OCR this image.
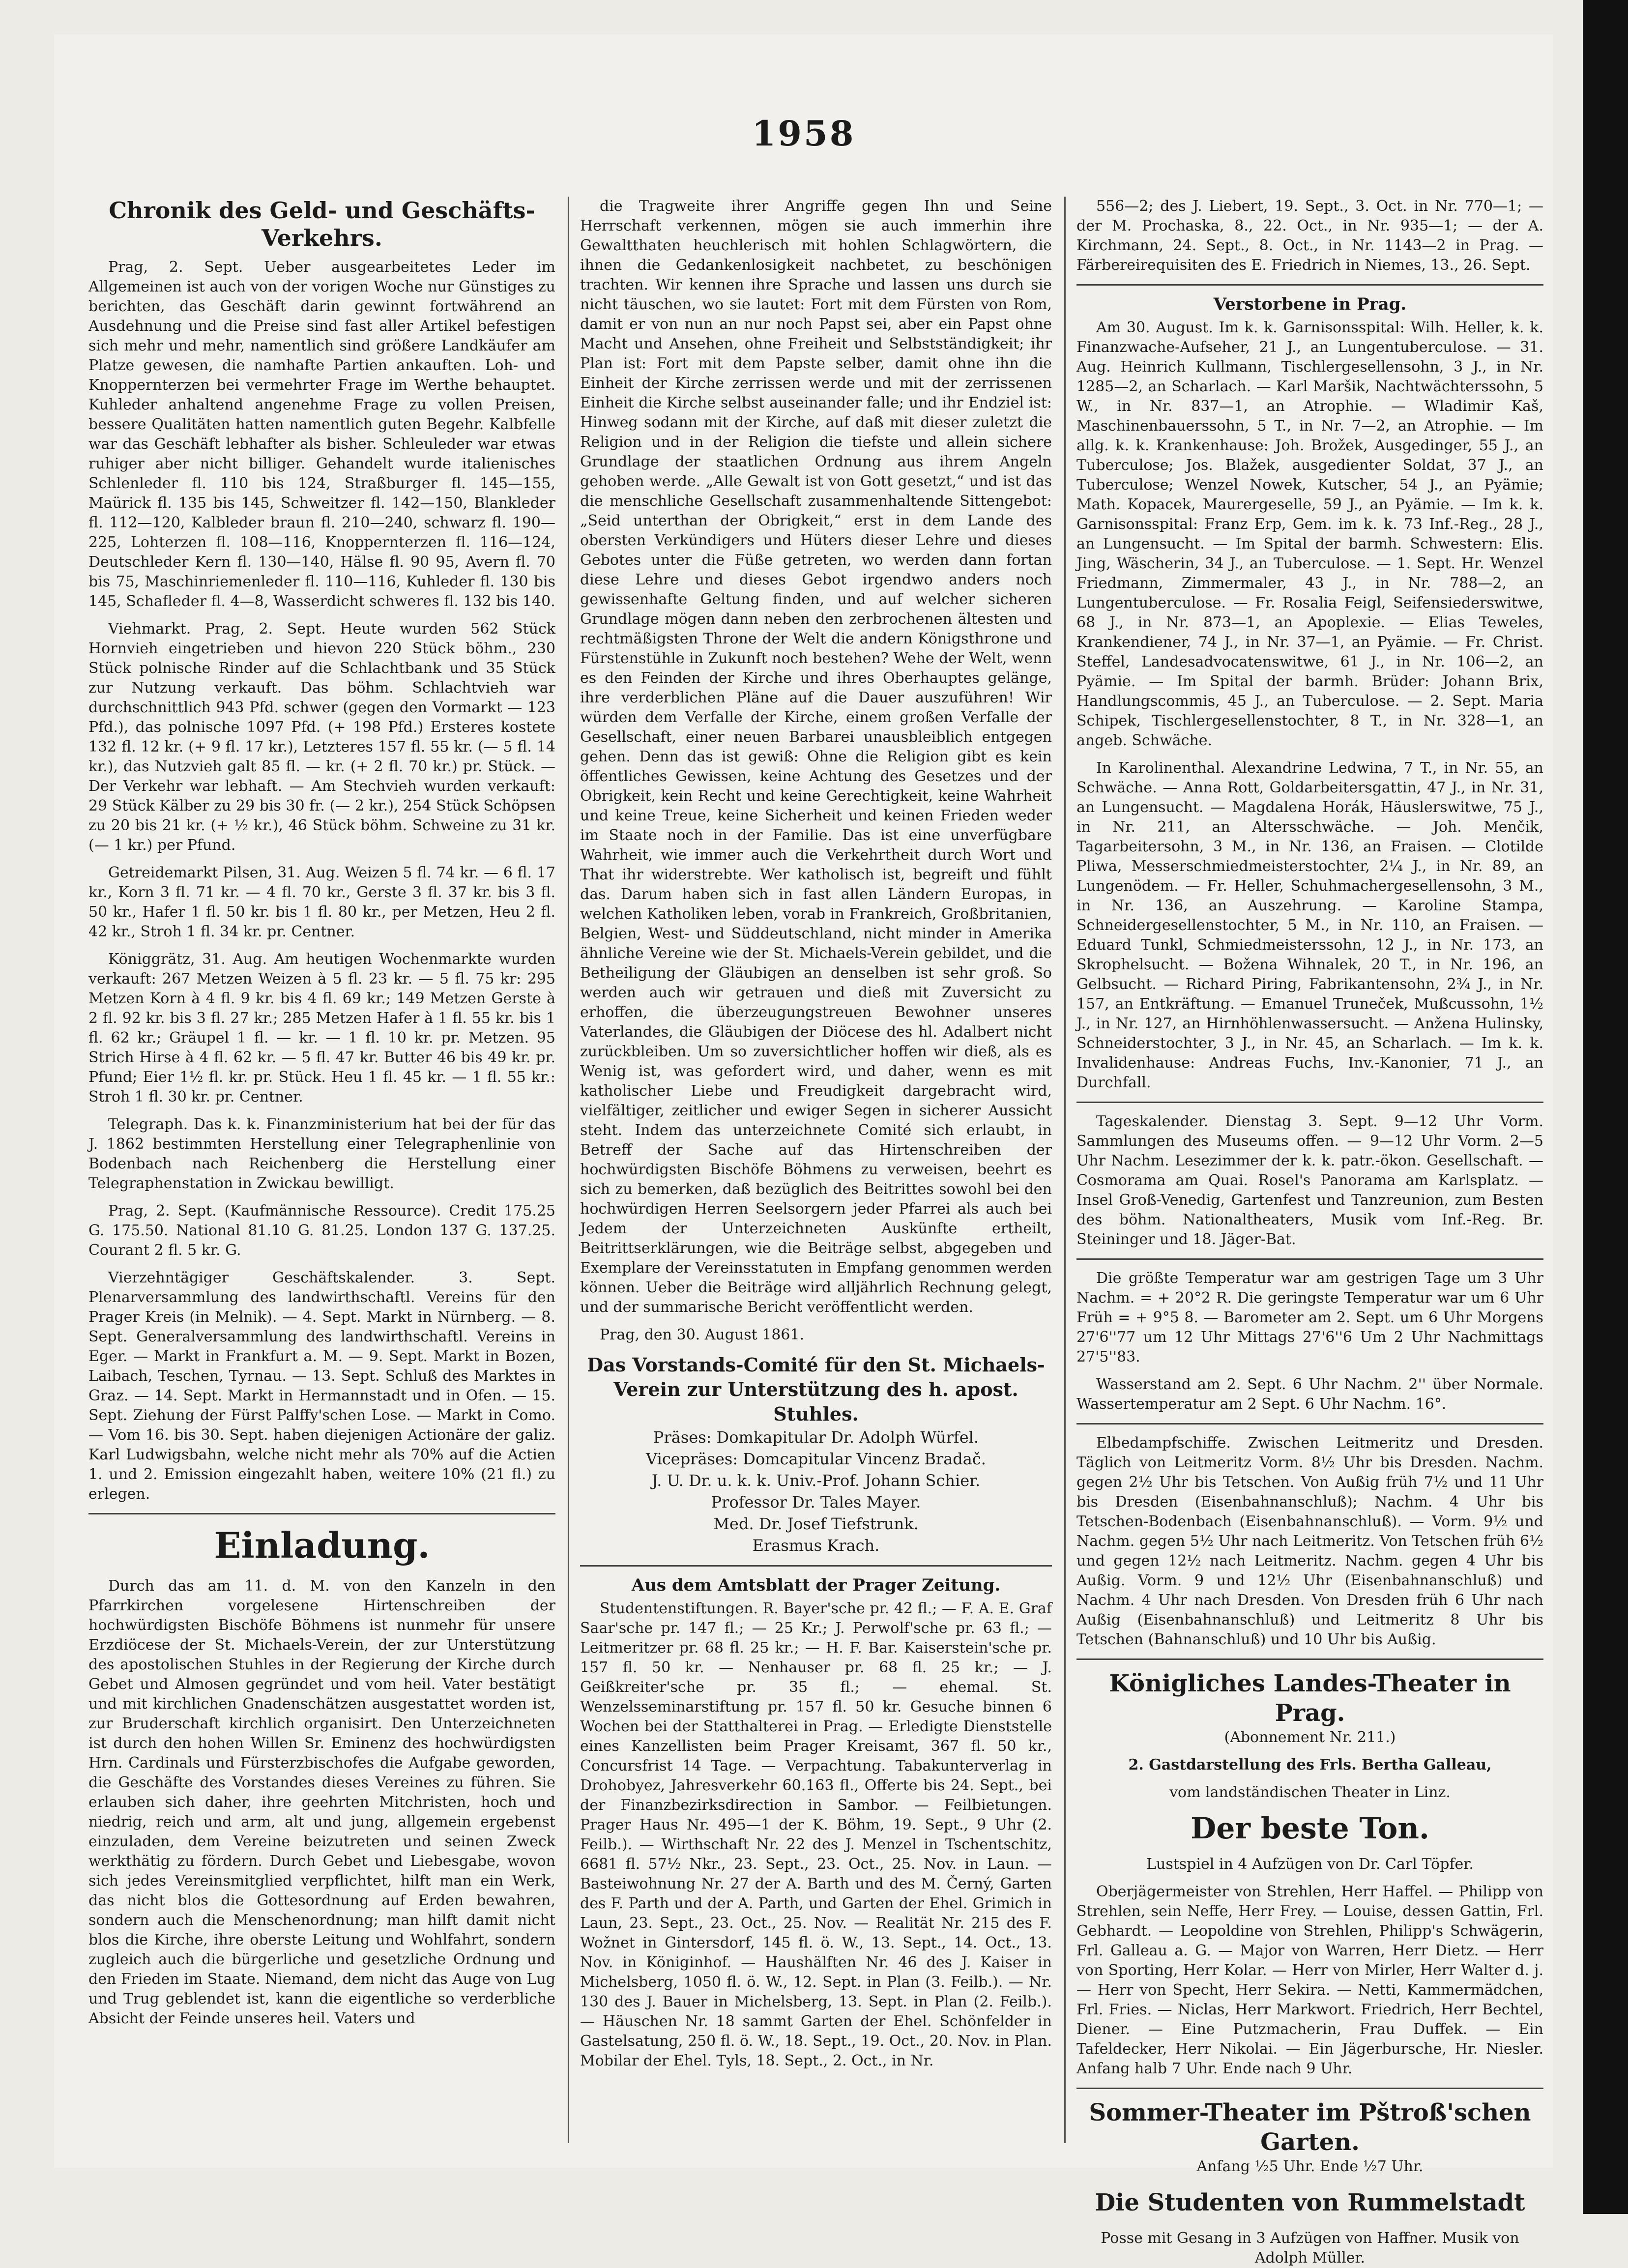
1958
Chronik des Geld- und Geschäfts-Verkehrs.

Prag, 2. Sept. Ueber ausgearbeitetes Leder im Allgemeinen ist auch von der vorigen Woche nur Günstiges zu berichten, das Geschäft darin gewinnt fortwährend an Ausdehnung und die Preise sind fast aller Artikel befestigen sich mehr und mehr, namentlich sind größere Landkäufer am Platze gewesen, die namhafte Partien ankauften. Loh- und Knoppernterzen bei vermehrter Frage im Werthe behauptet. Kuhleder anhaltend angenehme Frage zu vollen Preisen, bessere Qualitäten hatten namentlich guten Begehr. Kalbfelle war das Geschäft lebhafter als bisher. Schleuleder war etwas ruhiger aber nicht billiger. Gehandelt wurde italienisches Schlenleder fl. 110 bis 124, Straßburger fl. 145—155, Maürick fl. 135 bis 145, Schweitzer fl. 142—150, Blankleder fl. 112—120, Kalbleder braun fl. 210—240, schwarz fl. 190—225, Lohterzen fl. 108—116, Knoppernterzen fl. 116—124, Deutschleder Kern fl. 130—140, Hälse fl. 90 95, Avern fl. 70 bis 75, Maschinriemenleder fl. 110—116, Kuhleder fl. 130 bis 145, Schafleder fl. 4—8, Wasserdicht schweres fl. 132 bis 140.

Viehmarkt. Prag, 2. Sept. Heute wurden 562 Stück Hornvieh eingetrieben und hievon 220 Stück böhm., 230 Stück polnische Rinder auf die Schlachtbank und 35 Stück zur Nutzung verkauft. Das böhm. Schlachtvieh war durchschnittlich 943 Pfd. schwer (gegen den Vormarkt — 123 Pfd.), das polnische 1097 Pfd. (+ 198 Pfd.) Ersteres kostete 132 fl. 12 kr. (+ 9 fl. 17 kr.), Letzteres 157 fl. 55 kr. (— 5 fl. 14 kr.), das Nutzvieh galt 85 fl. — kr. (+ 2 fl. 70 kr.) pr. Stück. — Der Verkehr war lebhaft. — Am Stechvieh wurden verkauft: 29 Stück Kälber zu 29 bis 30 fr. (— 2 kr.), 254 Stück Schöpsen zu 20 bis 21 kr. (+ ½ kr.), 46 Stück böhm. Schweine zu 31 kr. (— 1 kr.) per Pfund.

Getreidemarkt Pilsen, 31. Aug. Weizen 5 fl. 74 kr. — 6 fl. 17 kr., Korn 3 fl. 71 kr. — 4 fl. 70 kr., Gerste 3 fl. 37 kr. bis 3 fl. 50 kr., Hafer 1 fl. 50 kr. bis 1 fl. 80 kr., per Metzen, Heu 2 fl. 42 kr., Stroh 1 fl. 34 kr. pr. Centner.

Königgrätz, 31. Aug. Am heutigen Wochenmarkte wurden verkauft: 267 Metzen Weizen à 5 fl. 23 kr. — 5 fl. 75 kr: 295 Metzen Korn à 4 fl. 9 kr. bis 4 fl. 69 kr.; 149 Metzen Gerste à 2 fl. 92 kr. bis 3 fl. 27 kr.; 285 Metzen Hafer à 1 fl. 55 kr. bis 1 fl. 62 kr.; Gräupel 1 fl. — kr. — 1 fl. 10 kr. pr. Metzen. 95 Strich Hirse à 4 fl. 62 kr. — 5 fl. 47 kr. Butter 46 bis 49 kr. pr. Pfund; Eier 1½ fl. kr. pr. Stück. Heu 1 fl. 45 kr. — 1 fl. 55 kr.: Stroh 1 fl. 30 kr. pr. Centner.

Telegraph. Das k. k. Finanzministerium hat bei der für das J. 1862 bestimmten Herstellung einer Telegraphenlinie von Bodenbach nach Reichenberg die Herstellung einer Telegraphenstation in Zwickau bewilligt.

Prag, 2. Sept. (Kaufmännische Ressource). Credit 175.25 G. 175.50. National 81.10 G. 81.25. London 137 G. 137.25. Courant 2 fl. 5 kr. G.

Vierzehntägiger Geschäftskalender. 3. Sept. Plenarversammlung des landwirthschaftl. Vereins für den Prager Kreis (in Melnik). — 4. Sept. Markt in Nürnberg. — 8. Sept. Generalversammlung des landwirthschaftl. Vereins in Eger. — Markt in Frankfurt a. M. — 9. Sept. Markt in Bozen, Laibach, Teschen, Tyrnau. — 13. Sept. Schluß des Marktes in Graz. — 14. Sept. Markt in Hermannstadt und in Ofen. — 15. Sept. Ziehung der Fürst Palffy'schen Lose. — Markt in Como. — Vom 16. bis 30. Sept. haben diejenigen Actionäre der galiz. Karl Ludwigsbahn, welche nicht mehr als 70% auf die Actien 1. und 2. Emission eingezahlt haben, weitere 10% (21 fl.) zu erlegen.

Einladung.

Durch das am 11. d. M. von den Kanzeln in den Pfarrkirchen vorgelesene Hirtenschreiben der hochwürdigsten Bischöfe Böhmens ist nunmehr für unsere Erzdiöcese der St. Michaels-Verein, der zur Unterstützung des apostolischen Stuhles in der Regierung der Kirche durch Gebet und Almosen gegründet und vom heil. Vater bestätigt und mit kirchlichen Gnadenschätzen ausgestattet worden ist, zur Bruderschaft kirchlich organisirt. Den Unterzeichneten ist durch den hohen Willen Sr. Eminenz des hochwürdigsten Hrn. Cardinals und Fürsterzbischofes die Aufgabe geworden, die Geschäfte des Vorstandes dieses Vereines zu führen. Sie erlauben sich daher, ihre geehrten Mitchristen, hoch und niedrig, reich und arm, alt und jung, allgemein ergebenst einzuladen, dem Vereine beizutreten und seinen Zweck werkthätig zu fördern. Durch Gebet und Liebesgabe, wovon sich jedes Vereinsmitglied verpflichtet, hilft man ein Werk, das nicht blos die Gottesordnung auf Erden bewahren, sondern auch die Menschenordnung; man hilft damit nicht blos die Kirche, ihre oberste Leitung und Wohlfahrt, sondern zugleich auch die bürgerliche und gesetzliche Ordnung und den Frieden im Staate. Niemand, dem nicht das Auge von Lug und Trug geblendet ist, kann die eigentliche so verderbliche Absicht der Feinde unseres heil. Vaters und

die Tragweite ihrer Angriffe gegen Ihn und Seine Herrschaft verkennen, mögen sie auch immerhin ihre Gewaltthaten heuchlerisch mit hohlen Schlagwörtern, die ihnen die Gedankenlosigkeit nachbetet, zu beschönigen trachten. Wir kennen ihre Sprache und lassen uns durch sie nicht täuschen, wo sie lautet: Fort mit dem Fürsten von Rom, damit er von nun an nur noch Papst sei, aber ein Papst ohne Macht und Ansehen, ohne Freiheit und Selbstständigkeit; ihr Plan ist: Fort mit dem Papste selber, damit ohne ihn die Einheit der Kirche zerrissen werde und mit der zerrissenen Einheit die Kirche selbst auseinander falle; und ihr Endziel ist: Hinweg sodann mit der Kirche, auf daß mit dieser zuletzt die Religion und in der Religion die tiefste und allein sichere Grundlage der staatlichen Ordnung aus ihrem Angeln gehoben werde. „Alle Gewalt ist von Gott gesetzt,“ und ist das die menschliche Gesellschaft zusammenhaltende Sittengebot: „Seid unterthan der Obrigkeit,“ erst in dem Lande des obersten Verkündigers und Hüters dieser Lehre und dieses Gebotes unter die Füße getreten, wo werden dann fortan diese Lehre und dieses Gebot irgendwo anders noch gewissenhafte Geltung finden, und auf welcher sicheren Grundlage mögen dann neben den zerbrochenen ältesten und rechtmäßigsten Throne der Welt die andern Königsthrone und Fürstenstühle in Zukunft noch bestehen? Wehe der Welt, wenn es den Feinden der Kirche und ihres Oberhauptes gelänge, ihre verderblichen Pläne auf die Dauer auszuführen! Wir würden dem Verfalle der Kirche, einem großen Verfalle der Gesellschaft, einer neuen Barbarei unausbleiblich entgegen gehen. Denn das ist gewiß: Ohne die Religion gibt es kein öffentliches Gewissen, keine Achtung des Gesetzes und der Obrigkeit, kein Recht und keine Gerechtigkeit, keine Wahrheit und keine Treue, keine Sicherheit und keinen Frieden weder im Staate noch in der Familie. Das ist eine unverfügbare Wahrheit, wie immer auch die Verkehrtheit durch Wort und That ihr widerstrebte. Wer katholisch ist, begreift und fühlt das. Darum haben sich in fast allen Ländern Europas, in welchen Katholiken leben, vorab in Frankreich, Großbritanien, Belgien, West- und Süddeutschland, nicht minder in Amerika ähnliche Vereine wie der St. Michaels-Verein gebildet, und die Betheiligung der Gläubigen an denselben ist sehr groß. So werden auch wir getrauen und dieß mit Zuversicht zu erhoffen, die überzeugungstreuen Bewohner unseres Vaterlandes, die Gläubigen der Diöcese des hl. Adalbert nicht zurückbleiben. Um so zuversichtlicher hoffen wir dieß, als es Wenig ist, was gefordert wird, und daher, wenn es mit katholischer Liebe und Freudigkeit dargebracht wird, vielfältiger, zeitlicher und ewiger Segen in sicherer Aussicht steht. Indem das unterzeichnete Comité sich erlaubt, in Betreff der Sache auf das Hirtenschreiben der hochwürdigsten Bischöfe Böhmens zu verweisen, beehrt es sich zu bemerken, daß bezüglich des Beitrittes sowohl bei den hochwürdigen Herren Seelsorgern jeder Pfarrei als auch bei Jedem der Unterzeichneten Auskünfte ertheilt, Beitrittserklärungen, wie die Beiträge selbst, abgegeben und Exemplare der Vereinsstatuten in Empfang genommen werden können. Ueber die Beiträge wird alljährlich Rechnung gelegt, und der summarische Bericht veröffentlicht werden.

Prag, den 30. August 1861.

Das Vorstands-Comité für den St. Michaels-Verein zur Unterstützung des h. apost. Stuhles.

Präses: Domkapitular Dr. Adolph Würfel.

Vicepräses: Domcapitular Vincenz Bradač.

J. U. Dr. u. k. k. Univ.-Prof. Johann Schier.

Professor Dr. Tales Mayer.

Med. Dr. Josef Tiefstrunk.

Erasmus Krach.

Aus dem Amtsblatt der Prager Zeitung.

Studentenstiftungen. R. Bayer'sche pr. 42 fl.; — F. A. E. Graf Saar'sche pr. 147 fl.; — 25 Kr.; J. Perwolf'sche pr. 63 fl.; — Leitmeritzer pr. 68 fl. 25 kr.; — H. F. Bar. Kaiserstein'sche pr. 157 fl. 50 kr. — Nenhauser pr. 68 fl. 25 kr.; — J. Geißkreiter'sche pr. 35 fl.; — ehemal. St. Wenzelsseminarstiftung pr. 157 fl. 50 kr. Gesuche binnen 6 Wochen bei der Statthalterei in Prag. — Erledigte Dienststelle eines Kanzellisten beim Prager Kreisamt, 367 fl. 50 kr., Concursfrist 14 Tage. — Verpachtung. Tabakunterverlag in Drohobyez, Jahresverkehr 60.163 fl., Offerte bis 24. Sept., bei der Finanzbezirksdirection in Sambor. — Feilbietungen. Prager Haus Nr. 495—1 der K. Böhm, 19. Sept., 9 Uhr (2. Feilb.). — Wirthschaft Nr. 22 des J. Menzel in Tschentschitz, 6681 fl. 57½ Nkr., 23. Sept., 23. Oct., 25. Nov. in Laun. — Basteiwohnung Nr. 27 der A. Barth und des M. Černý, Garten des F. Parth und der A. Parth, und Garten der Ehel. Grimich in Laun, 23. Sept., 23. Oct., 25. Nov. — Realität Nr. 215 des F. Wožnet in Gintersdorf, 145 fl. ö. W., 13. Sept., 14. Oct., 13. Nov. in Königinhof. — Haushälften Nr. 46 des J. Kaiser in Michelsberg, 1050 fl. ö. W., 12. Sept. in Plan (3. Feilb.). — Nr. 130 des J. Bauer in Michelsberg, 13. Sept. in Plan (2. Feilb.). — Häuschen Nr. 18 sammt Garten der Ehel. Schönfelder in Gastelsatung, 250 fl. ö. W., 18. Sept., 19. Oct., 20. Nov. in Plan. Mobilar der Ehel. Tyls, 18. Sept., 2. Oct., in Nr.

556—2; des J. Liebert, 19. Sept., 3. Oct. in Nr. 770—1; — der M. Prochaska, 8., 22. Oct., in Nr. 935—1; — der A. Kirchmann, 24. Sept., 8. Oct., in Nr. 1143—2 in Prag. — Färbereirequisiten des E. Friedrich in Niemes, 13., 26. Sept.

Verstorbene in Prag.

Am 30. August. Im k. k. Garnisonsspital: Wilh. Heller, k. k. Finanzwache-Aufseher, 21 J., an Lungentuberculose. — 31. Aug. Heinrich Kullmann, Tischlergesellensohn, 3 J., in Nr. 1285—2, an Scharlach. — Karl Maršik, Nachtwächterssohn, 5 W., in Nr. 837—1, an Atrophie. — Wladimir Kaš, Maschinenbauerssohn, 5 T., in Nr. 7—2, an Atrophie. — Im allg. k. k. Krankenhause: Joh. Brožek, Ausgedinger, 55 J., an Tuberculose; Jos. Blažek, ausgedienter Soldat, 37 J., an Tuberculose; Wenzel Nowek, Kutscher, 54 J., an Pyämie; Math. Kopacek, Maurergeselle, 59 J., an Pyämie. — Im k. k. Garnisonsspital: Franz Erp, Gem. im k. k. 73 Inf.-Reg., 28 J., an Lungensucht. — Im Spital der barmh. Schwestern: Elis. Jing, Wäscherin, 34 J., an Tuberculose. — 1. Sept. Hr. Wenzel Friedmann, Zimmermaler, 43 J., in Nr. 788—2, an Lungentuberculose. — Fr. Rosalia Feigl, Seifensiederswitwe, 68 J., in Nr. 873—1, an Apoplexie. — Elias Teweles, Krankendiener, 74 J., in Nr. 37—1, an Pyämie. — Fr. Christ. Steffel, Landesadvocatenswitwe, 61 J., in Nr. 106—2, an Pyämie. — Im Spital der barmh. Brüder: Johann Brix, Handlungscommis, 45 J., an Tuberculose. — 2. Sept. Maria Schipek, Tischlergesellenstochter, 8 T., in Nr. 328—1, an angeb. Schwäche.

In Karolinenthal. Alexandrine Ledwina, 7 T., in Nr. 55, an Schwäche. — Anna Rott, Goldarbeitersgattin, 47 J., in Nr. 31, an Lungensucht. — Magdalena Horák, Häuslerswitwe, 75 J., in Nr. 211, an Altersschwäche. — Joh. Menčik, Tagarbeitersohn, 3 M., in Nr. 136, an Fraisen. — Clotilde Pliwa, Messerschmiedmeisterstochter, 2¼ J., in Nr. 89, an Lungenödem. — Fr. Heller, Schuhmachergesellensohn, 3 M., in Nr. 136, an Auszehrung. — Karoline Stampa, Schneidergesellenstochter, 5 M., in Nr. 110, an Fraisen. — Eduard Tunkl, Schmiedmeisterssohn, 12 J., in Nr. 173, an Skrophelsucht. — Božena Wihnalek, 20 T., in Nr. 196, an Gelbsucht. — Richard Piring, Fabrikantensohn, 2¾ J., in Nr. 157, an Entkräftung. — Emanuel Truneček, Mußcussohn, 1½ J., in Nr. 127, an Hirnhöhlenwassersucht. — Anžena Hulinsky, Schneiderstochter, 3 J., in Nr. 45, an Scharlach. — Im k. k. Invalidenhause: Andreas Fuchs, Inv.-Kanonier, 71 J., an Durchfall.

Tageskalender. Dienstag 3. Sept. 9—12 Uhr Vorm. Sammlungen des Museums offen. — 9—12 Uhr Vorm. 2—5 Uhr Nachm. Lesezimmer der k. k. patr.-ökon. Gesellschaft. — Cosmorama am Quai. Rosel's Panorama am Karlsplatz. — Insel Groß-Venedig, Gartenfest und Tanzreunion, zum Besten des böhm. Nationaltheaters, Musik vom Inf.-Reg. Br. Steininger und 18. Jäger-Bat.

Die größte Temperatur war am gestrigen Tage um 3 Uhr Nachm. = + 20°2 R. Die geringste Temperatur war um 6 Uhr Früh = + 9°5 8. — Barometer am 2. Sept. um 6 Uhr Morgens 27'6''77 um 12 Uhr Mittags 27'6''6 Um 2 Uhr Nachmittags 27'5''83.

Wasserstand am 2. Sept. 6 Uhr Nachm. 2'' über Normale. Wassertemperatur am 2 Sept. 6 Uhr Nachm. 16°.

Elbedampfschiffe. Zwischen Leitmeritz und Dresden. Täglich von Leitmeritz Vorm. 8½ Uhr bis Dresden. Nachm. gegen 2½ Uhr bis Tetschen. Von Außig früh 7½ und 11 Uhr bis Dresden (Eisenbahnanschluß); Nachm. 4 Uhr bis Tetschen-Bodenbach (Eisenbahnanschluß). — Vorm. 9½ und Nachm. gegen 5½ Uhr nach Leitmeritz. Von Tetschen früh 6½ und gegen 12½ nach Leitmeritz. Nachm. gegen 4 Uhr bis Außig. Vorm. 9 und 12½ Uhr (Eisenbahnanschluß) und Nachm. 4 Uhr nach Dresden. Von Dresden früh 6 Uhr nach Außig (Eisenbahnanschluß) und Leitmeritz 8 Uhr bis Tetschen (Bahnanschluß) und 10 Uhr bis Außig.

Königliches Landes-Theater in Prag.

(Abonnement Nr. 211.)

2. Gastdarstellung des Frls. Bertha Galleau,

vom landständischen Theater in Linz.

Der beste Ton.

Lustspiel in 4 Aufzügen von Dr. Carl Töpfer.

Oberjägermeister von Strehlen, Herr Haffel. — Philipp von Strehlen, sein Neffe, Herr Frey. — Louise, dessen Gattin, Frl. Gebhardt. — Leopoldine von Strehlen, Philipp's Schwägerin, Frl. Galleau a. G. — Major von Warren, Herr Dietz. — Herr von Sporting, Herr Kolar. — Herr von Mirler, Herr Walter d. j. — Herr von Specht, Herr Sekira. — Netti, Kammermädchen, Frl. Fries. — Niclas, Herr Markwort. Friedrich, Herr Bechtel, Diener. — Eine Putzmacherin, Frau Duffek. — Ein Tafeldecker, Herr Nikolai. — Ein Jägerbursche, Hr. Niesler. Anfang halb 7 Uhr. Ende nach 9 Uhr.

Sommer-Theater im Pštroß'schen Garten.

Anfang ½5 Uhr. Ende ½7 Uhr.

Die Studenten von Rummelstadt

Posse mit Gesang in 3 Aufzügen von Haffner. Musik von Adolph Müller.
